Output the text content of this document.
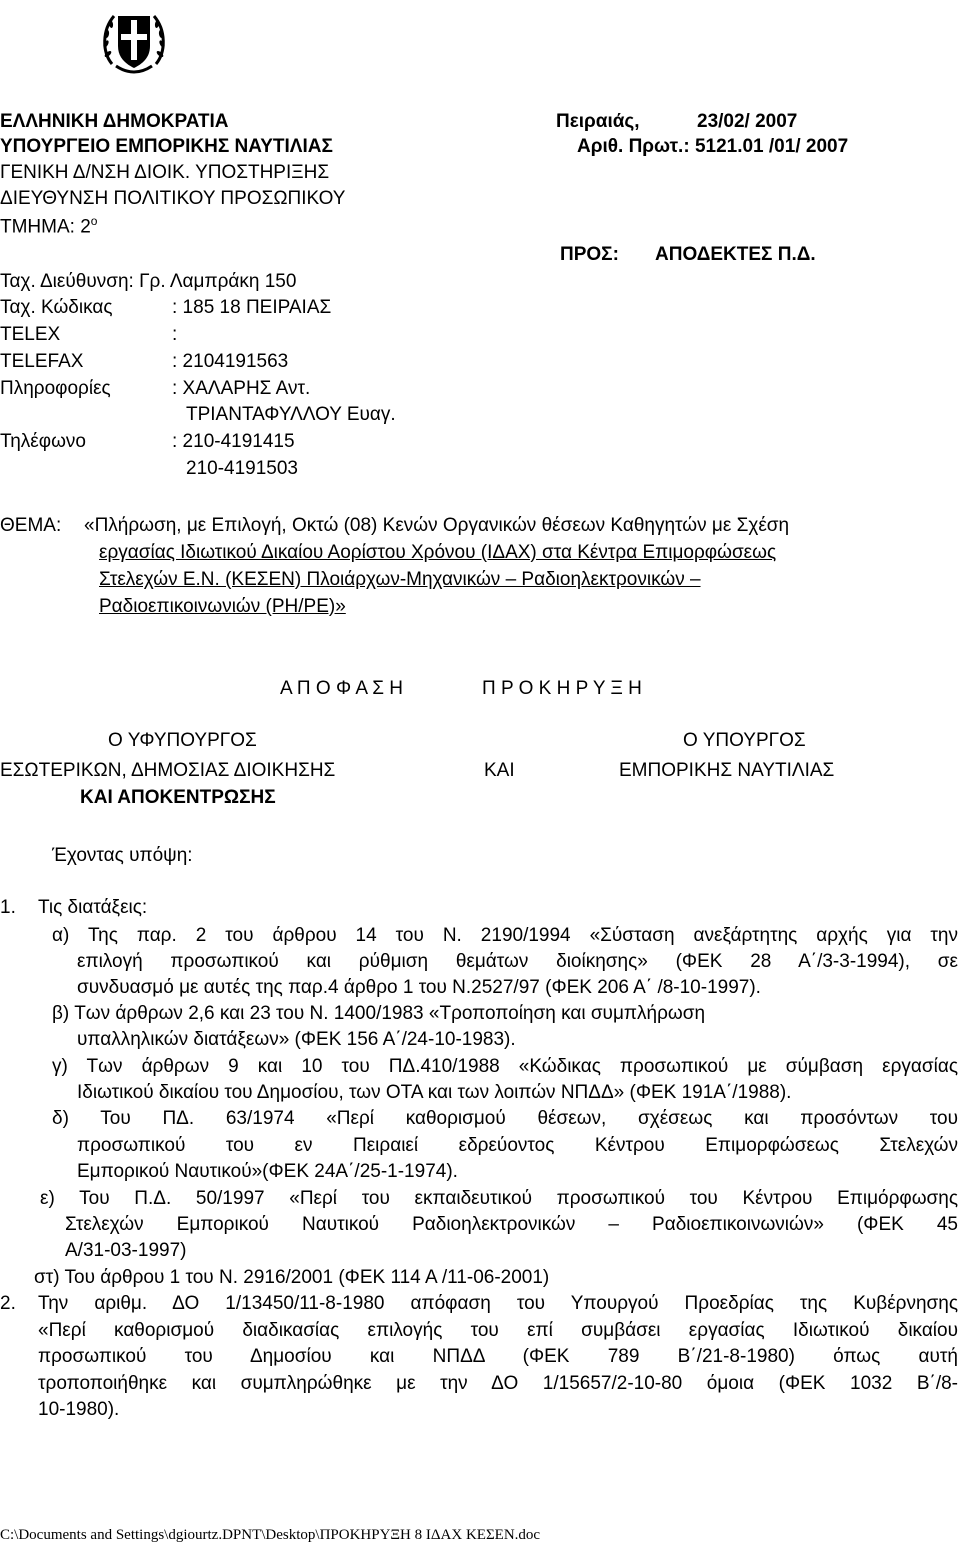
ΕΛΛΗΝΙΚΗ ΔΗΜΟΚΡΑΤΙΑ
ΥΠΟΥΡΓΕΙΟ ΕΜΠΟΡΙΚΗΣ ΝΑΥΤΙΛΙΑΣ
ΓΕΝΙΚΗ Δ/ΝΣΗ ΔΙΟΙΚ. ΥΠΟΣΤΗΡΙΞΗΣ
ΔΙΕΥΘΥΝΣΗ ΠΟΛΙΤΙΚΟΥ ΠΡΟΣΩΠΙΚΟΥ
ΤΜΗΜΑ: $2^o$
Πειραιάς,	23/02/ 2007
Αριθ. Πρωτ.: 5121.01 /01/ 2007
ΠΡΟΣ: ΑΠΟΔΕΚΤΕΣ Π.Δ.
Ταχ. Διεύθυνση: Γρ. Λαμπράκη 150
Ταχ. Κώδικας	: 185 18 ΠΕΙΡΑΙΑΣ
TELEX	:
TELEFAX	: 2104191563
Πληροφορίες	: ΧΑΛΑΡΗΣ Αντ.
ΤΡΙΑΝΤΑΦΥΛΛΟΥ Ευαγ.
Τηλέφωνο	: 210-4191415
210-4191503
ΘΕΜΑ: «Πλήρωση, με Επιλογή, Οκτώ (08) Κενών Οργανικών θέσεων Καθηγητών με Σχέση
εργασίας Ιδιωτικού Δικαίου Αορίστου Χρόνου (ΙΔΑΧ) στα Κέντρα Επιμορφώσεως
Στελεχών Ε.Ν. (ΚΕΣΕΝ) Πλοιάρχων-Μηχανικών – Ραδιοηλεκτρονικών –
Ραδιοεπικοινωνιών (ΡΗ/ΡΕ)»
Α Π Ο Φ Α Σ Η	Π Ρ Ο Κ Η Ρ Υ Ξ Η
Ο ΥΦΥΠΟΥΡΓΟΣ
ΕΣΩΤΕΡΙΚΩΝ, ΔΗΜΟΣΙΑΣ ΔΙΟΙΚΗΣΗΣ
ΚΑΙ ΑΠΟΚΕΝΤΡΩΣΗΣ
ΚΑΙ
Ο ΥΠΟΥΡΓΟΣ
ΕΜΠΟΡΙΚΗΣ ΝΑΥΤΙΛΙΑΣ
Έχοντας υπόψη:
1. Τις διατάξεις:
α) Της παρ. 2 του άρθρου 14 του Ν. 2190/1994 «Σύσταση ανεξάρτητης αρχής για την
επιλογή προσωπικού και ρύθμιση θεμάτων διοίκησης» (ΦΕΚ 28 Α΄/3-3-1994), σε
συνδυασμό με αυτές της παρ.4 άρθρο 1 του Ν.2527/97 (ΦΕΚ 206 Α΄ /8-10-1997).
β) Των άρθρων 2,6 και 23 του Ν. 1400/1983 «Τροποποίηση και συμπλήρωση
υπαλληλικών διατάξεων» (ΦΕΚ 156 Α΄/24-10-1983).
γ) Των άρθρων 9 και 10 του ΠΔ.410/1988 «Κώδικας προσωπικού με σύμβαση εργασίας
Ιδιωτικού δικαίου του Δημοσίου, των ΟΤΑ και των λοιπών ΝΠΔΔ» (ΦΕΚ 191Α΄/1988).
δ) Του ΠΔ. 63/1974 «Περί καθορισμού θέσεων, σχέσεως και προσόντων του
προσωπικού του εν Πειραιεί εδρεύοντος Κέντρου Επιμορφώσεως Στελεχών
Εμπορικού Ναυτικού»(ΦΕΚ 24Α΄/25-1-1974).
ε) Του Π.Δ. 50/1997 «Περί του εκπαιδευτικού προσωπικού του Κέντρου Επιμόρφωσης
Στελεχών Εμπορικού Ναυτικού Ραδιοηλεκτρονικών – Ραδιοεπικοινωνιών» (ΦΕΚ 45
Α/31-03-1997)
στ) Του άρθρου 1 του Ν. 2916/2001 (ΦΕΚ 114 Α /11-06-2001)
2. Την αριθμ. ΔΟ 1/13450/11-8-1980 απόφαση του Υπουργού Προεδρίας της Κυβέρνησης
«Περί καθορισμού διαδικασίας επιλογής του επί συμβάσει εργασίας Ιδιωτικού δικαίου
προσωπικού του Δημοσίου και ΝΠΔΔ (ΦΕΚ 789 Β΄/21-8-1980) όπως αυτή
τροποποιήθηκε και συμπληρώθηκε με την ΔΟ 1/15657/2-10-80 όμοια (ΦΕΚ 1032 Β΄/8-
10-1980).
C:\Documents and Settings\dgiourtz.DPNT\Desktop\ΠΡΟΚΗΡΥΞΗ 8 ΙΔΑΧ ΚΕΣΕΝ.doc
